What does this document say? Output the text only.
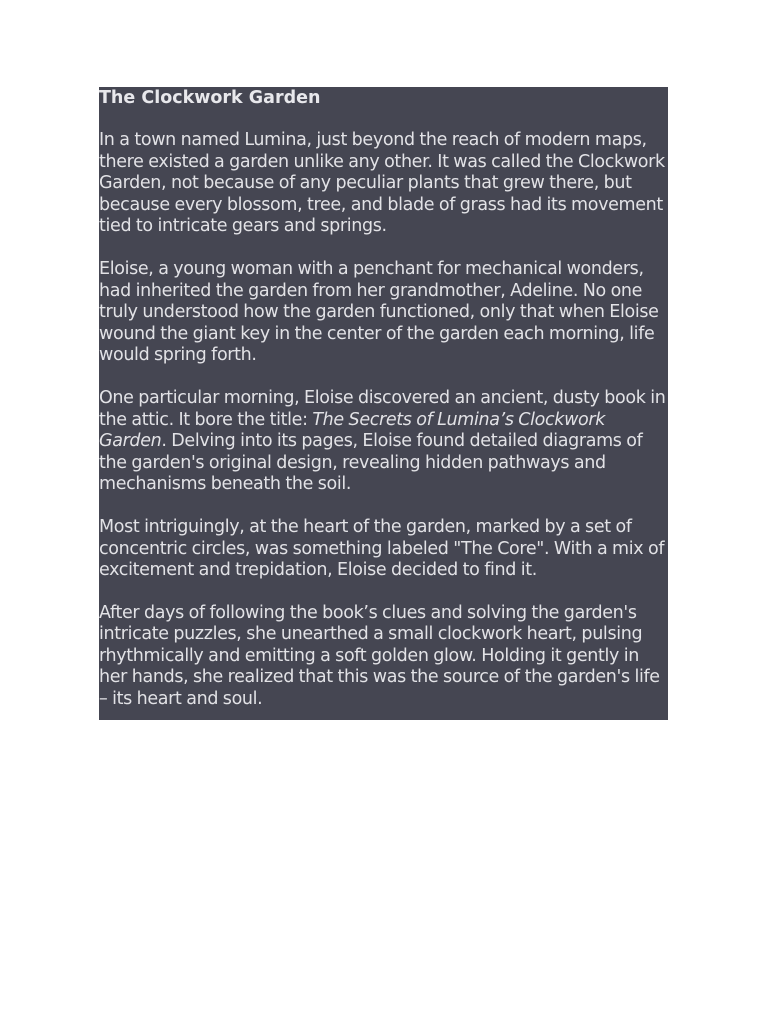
The Clockwork Garden

In a town named Lumina, just beyond the reach of modern maps, there existed a garden unlike any other. It was called the Clockwork Garden, not because of any peculiar plants that grew there, but because every blossom, tree, and blade of grass had its movement tied to intricate gears and springs.

Eloise, a young woman with a penchant for mechanical wonders, had inherited the garden from her grandmother, Adeline. No one truly understood how the garden functioned, only that when Eloise wound the giant key in the center of the garden each morning, life would spring forth.

One particular morning, Eloise discovered an ancient, dusty book in the attic. It bore the title: The Secrets of Lumina’s Clockwork Garden. Delving into its pages, Eloise found detailed diagrams of the garden's original design, revealing hidden pathways and mechanisms beneath the soil.

Most intriguingly, at the heart of the garden, marked by a set of concentric circles, was something labeled "The Core". With a mix of excitement and trepidation, Eloise decided to find it.

After days of following the book’s clues and solving the garden's intricate puzzles, she unearthed a small clockwork heart, pulsing rhythmically and emitting a soft golden glow. Holding it gently in her hands, she realized that this was the source of the garden's life – its heart and soul.
